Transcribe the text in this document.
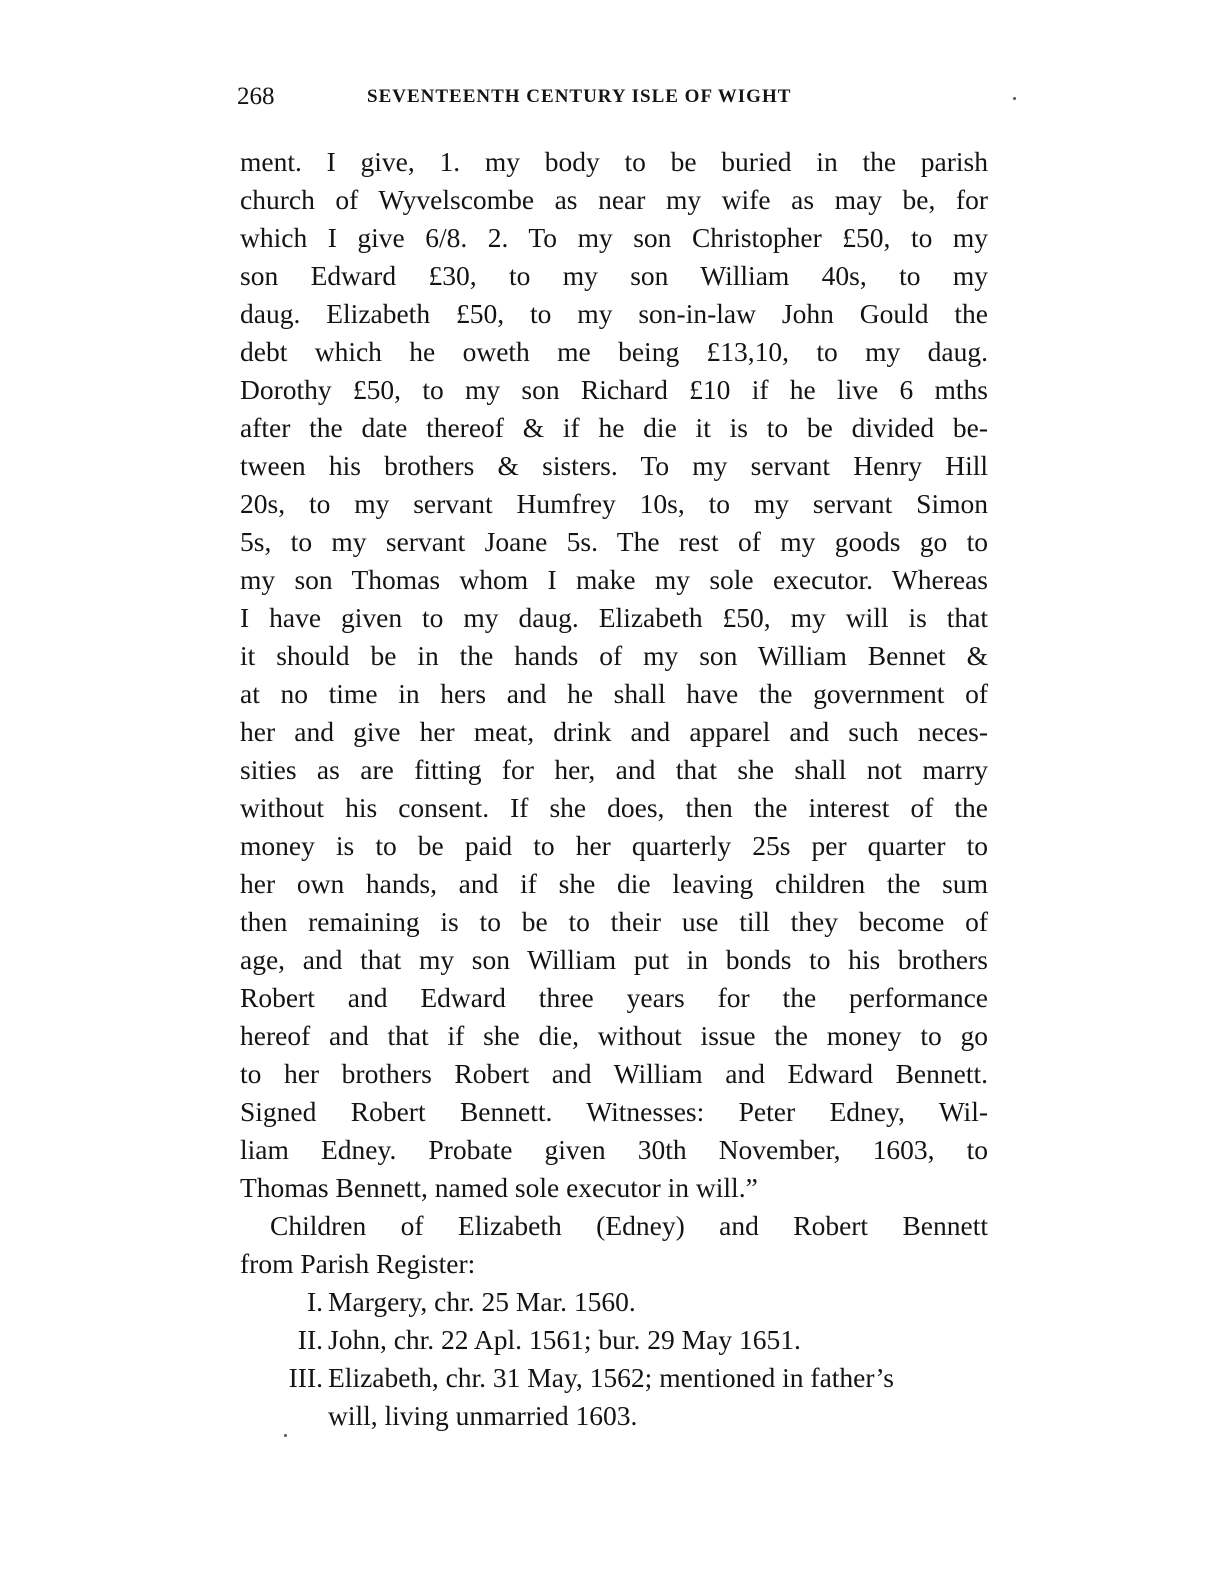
268	SEVENTEENTH CENTURY ISLE OF WIGHT
ment. I give, 1. my body to be buried in the parish
church of Wyvelscombe as near my wife as may be, for
which I give 6/8. 2. To my son Christopher £50, to my
son Edward £30, to my son William 40s, to my
daug. Elizabeth £50, to my son-in-law John Gould the
debt which he oweth me being £13,10, to my daug.
Dorothy £50, to my son Richard £10 if he live 6 mths
after the date thereof & if he die it is to be divided be-
tween his brothers & sisters. To my servant Henry Hill
20s, to my servant Humfrey 10s, to my servant Simon
5s, to my servant Joane 5s. The rest of my goods go to
my son Thomas whom I make my sole executor. Whereas
I have given to my daug. Elizabeth £50, my will is that
it should be in the hands of my son William Bennet &
at no time in hers and he shall have the government of
her and give her meat, drink and apparel and such neces-
sities as are fitting for her, and that she shall not marry
without his consent. If she does, then the interest of the
money is to be paid to her quarterly 25s per quarter to
her own hands, and if she die leaving children the sum
then remaining is to be to their use till they become of
age, and that my son William put in bonds to his brothers
Robert and Edward three years for the performance
hereof and that if she die, without issue the money to go
to her brothers Robert and William and Edward Bennett.
Signed Robert Bennett. Witnesses: Peter Edney, Wil-
liam Edney. Probate given 30th November, 1603, to
Thomas Bennett, named sole executor in will.”
Children of Elizabeth (Edney) and Robert Bennett
from Parish Register:
I. Margery, chr. 25 Mar. 1560.
II. John, chr. 22 Apl. 1561; bur. 29 May 1651.
III. Elizabeth, chr. 31 May, 1562; mentioned in father’s
will, living unmarried 1603.
